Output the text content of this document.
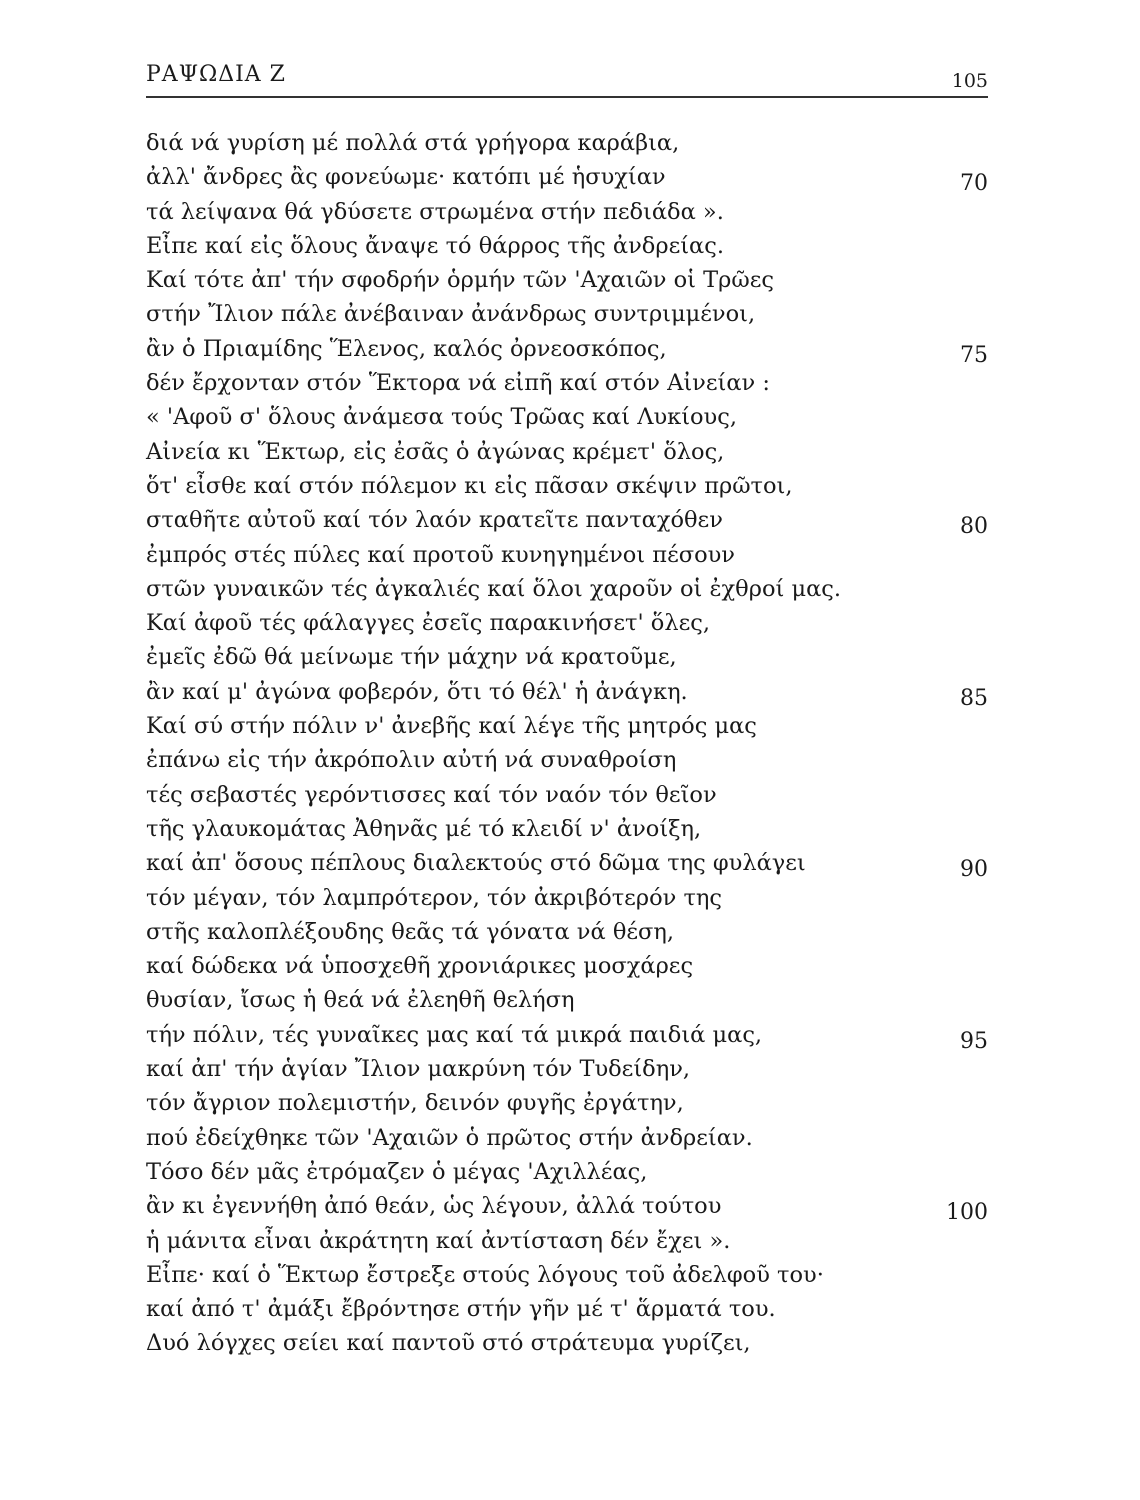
ΡΑΨΩΔΙΑ Ζ	105
διά νά γυρίση μέ πολλά στά γρήγορα καράβια,
ἀλλ' ἄνδρες ἂς φονεύωμε· κατόπι μέ ἡσυχίαν	70
τά λείψανα θά γδύσετε στρωμένα στήν πεδιάδα ».
Εἶπε καί εἰς ὅλους ἄναψε τό θάρρος τῆς ἀνδρείας.
Καί τότε ἀπ' τήν σφοδρήν ὁρμήν τῶν 'Αχαιῶν οἱ Τρῶες
στήν Ἴλιον πάλε ἀνέβαιναν ἀνάνδρως συντριμμένοι,
ἂν ὁ Πριαμίδης Ἕλενος, καλός ὀρνεοσκόπος,	75
δέν ἔρχονταν στόν Ἕκτορα νά εἰπῆ καί στόν Αἰνείαν :
« 'Αφοῦ σ' ὅλους ἀνάμεσα τούς Τρῶας καί Λυκίους,
Αἰνεία κι Ἕκτωρ, εἰς ἐσᾶς ὁ ἀγώνας κρέμετ' ὅλος,
ὅτ' εἶσθε καί στόν πόλεμον κι εἰς πᾶσαν σκέψιν πρῶτοι,
σταθῆτε αὐτοῦ καί τόν λαόν κρατεῖτε πανταχόθεν	80
ἐμπρός στές πύλες καί προτοῦ κυνηγημένοι πέσουν
στῶν γυναικῶν τές ἀγκαλιές καί ὅλοι χαροῦν οἱ ἐχθροί μας.
Καί ἀφοῦ τές φάλαγγες ἐσεῖς παρακινήσετ' ὅλες,
ἐμεῖς ἐδῶ θά μείνωμε τήν μάχην νά κρατοῦμε,
ἂν καί μ' ἀγώνα φοβερόν, ὅτι τό θέλ' ἡ ἀνάγκη.	85
Καί σύ στήν πόλιν ν' ἀνεβῆς καί λέγε τῆς μητρός μας
ἐπάνω εἰς τήν ἀκρόπολιν αὐτή νά συναθροίση
τές σεβαστές γερόντισσες καί τόν ναόν τόν θεῖον
τῆς γλαυκομάτας Ἀθηνᾶς μέ τό κλειδί ν' ἀνοίξη,
καί ἀπ' ὅσους πέπλους διαλεκτούς στό δῶμα της φυλάγει	90
τόν μέγαν, τόν λαμπρότερον, τόν ἀκριβότερόν της
στῆς καλοπλέξουδης θεᾶς τά γόνατα νά θέση,
καί δώδεκα νά ὑποσχεθῆ χρονιάρικες μοσχάρες
θυσίαν, ἴσως ἡ θεά νά ἐλεηθῆ θελήση
τήν πόλιν, τές γυναῖκες μας καί τά μικρά παιδιά μας,	95
καί ἀπ' τήν ἁγίαν Ἴλιον μακρύνη τόν Τυδείδην,
τόν ἄγριον πολεμιστήν, δεινόν φυγῆς ἐργάτην,
πού ἐδείχθηκε τῶν 'Αχαιῶν ὁ πρῶτος στήν ἀνδρείαν.
Τόσο δέν μᾶς ἐτρόμαζεν ὁ μέγας 'Αχιλλέας,
ἂν κι ἐγεννήθη ἀπό θεάν, ὡς λέγουν, ἀλλά τούτου	100
ἡ μάνιτα εἶναι ἀκράτητη καί ἀντίσταση δέν ἔχει ».
Εἶπε· καί ὁ Ἕκτωρ ἔστρεξε στούς λόγους τοῦ ἀδελφοῦ του·
καί ἀπό τ' ἀμάξι ἔβρόντησε στήν γῆν μέ τ' ἅρματά του.
Δυό λόγχες σείει καί παντοῦ στό στράτευμα γυρίζει,
